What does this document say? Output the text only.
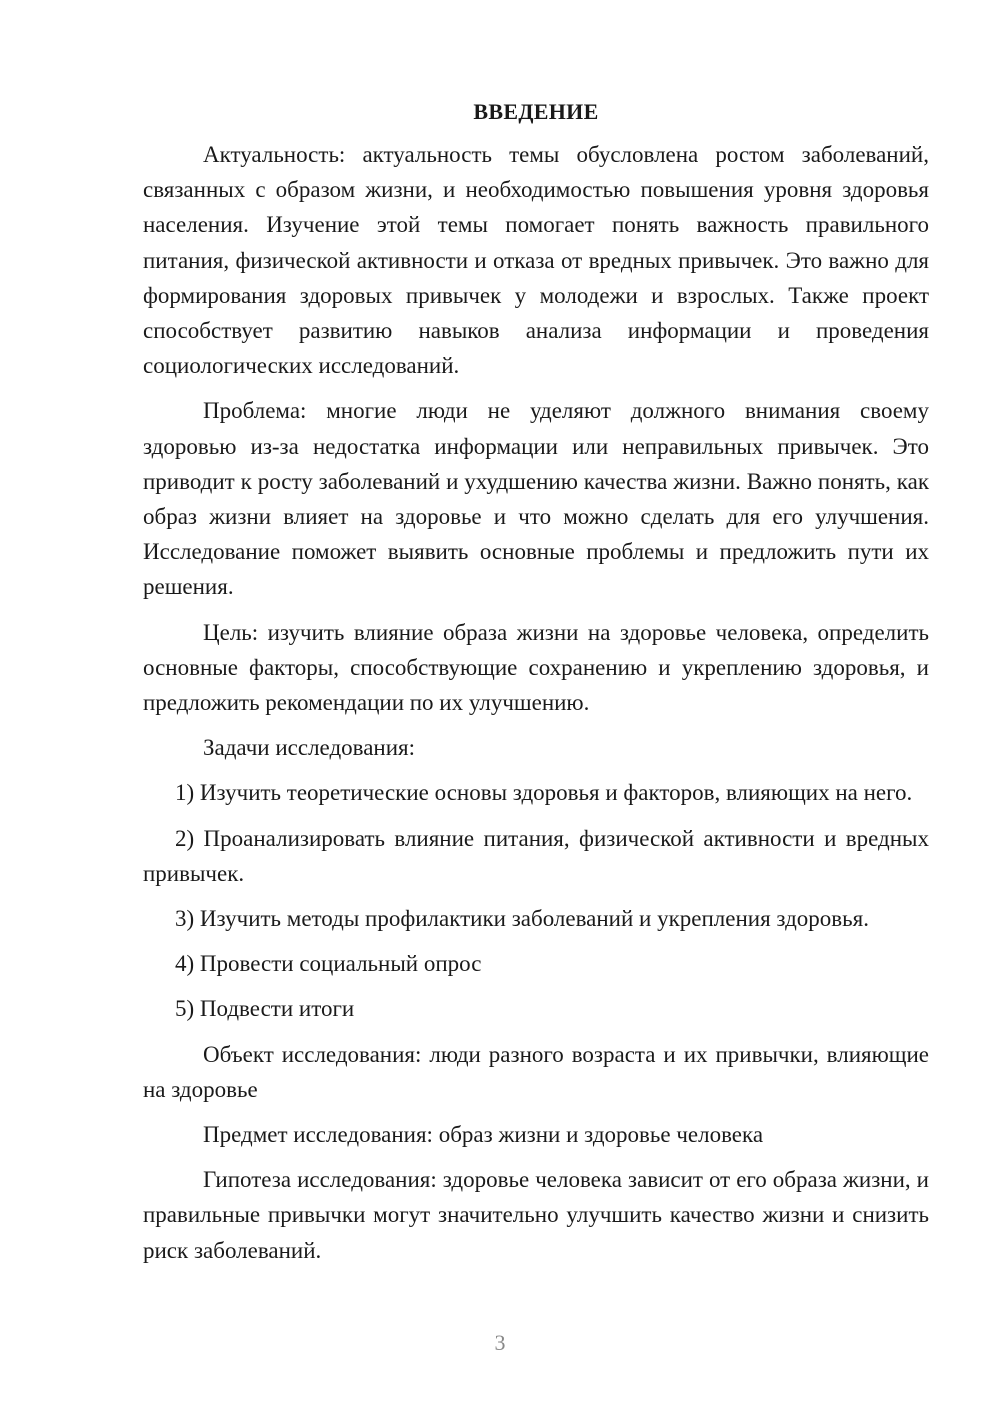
ВВЕДЕНИЕ

Актуальность: актуальность темы обусловлена ростом заболеваний, связанных с образом жизни, и необходимостью повышения уровня здоровья населения. Изучение этой темы помогает понять важность правильного питания, физической активности и отказа от вредных привычек. Это важно для формирования здоровых привычек у молодежи и взрослых. Также проект способствует развитию навыков анализа информации и проведения социологических исследований.

Проблема: многие люди не уделяют должного внимания своему здоровью из-за недостатка информации или неправильных привычек. Это приводит к росту заболеваний и ухудшению качества жизни. Важно понять, как образ жизни влияет на здоровье и что можно сделать для его улучшения. Исследование поможет выявить основные проблемы и предложить пути их решения.

Цель: изучить влияние образа жизни на здоровье человека, определить основные факторы, способствующие сохранению и укреплению здоровья, и предложить рекомендации по их улучшению.

Задачи исследования:

1) Изучить теоретические основы здоровья и факторов, влияющих на него.

2) Проанализировать влияние питания, физической активности и вредных привычек.

3) Изучить методы профилактики заболеваний и укрепления здоровья.

4) Провести социальный опрос

5) Подвести итоги

Объект исследования: люди разного возраста и их привычки, влияющие на здоровье

Предмет исследования: образ жизни и здоровье человека

Гипотеза исследования: здоровье человека зависит от его образа жизни, и правильные привычки могут значительно улучшить качество жизни и снизить риск заболеваний.

3
